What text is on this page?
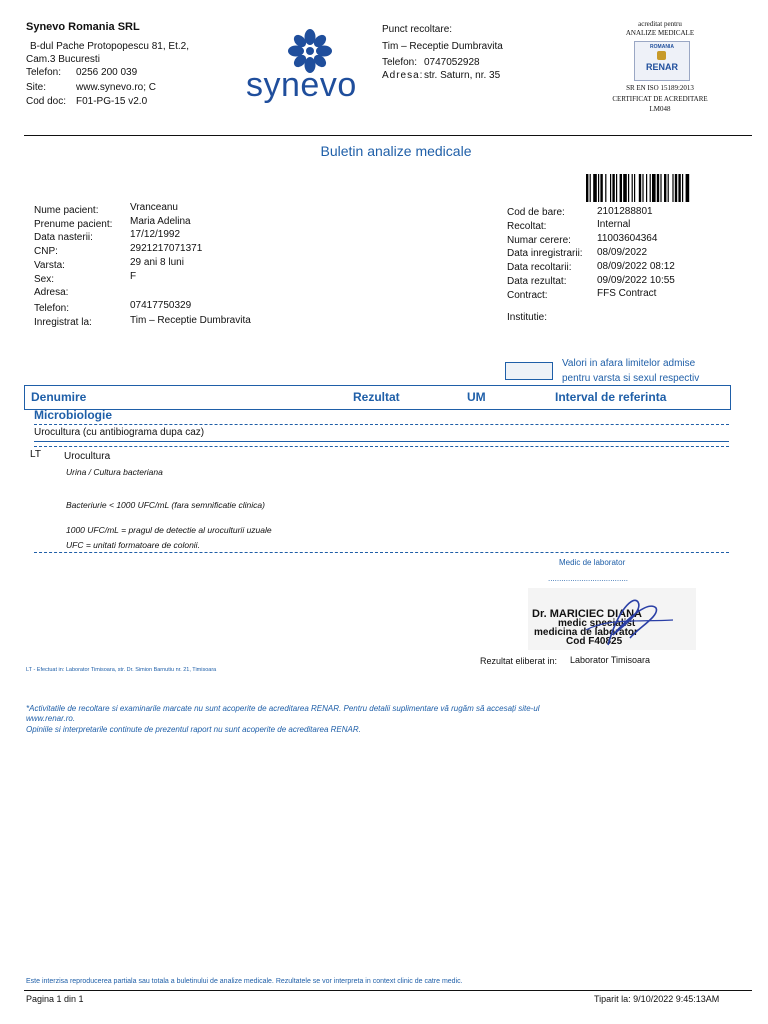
Synevo Romania SRL
B-dul Pache Protopopescu 81, Et.2,
Cam.3 Bucuresti
Telefon: 0256 200 039
Site:	www.synevo.ro; C
Cod doc: F01-PG-15 v2.0	synevo
Punct recoltare:
Tim – Receptie Dumbravita
Telefon: 0747052928
Adresa: str. Saturn, nr. 35
acreditat pentru
ANALIZE MEDICALE
ROMANIA
RENAR
SR EN ISO 15189:2013
CERTIFICAT DE ACREDITARE
LM048
Buletin analize medicale
Nume pacient:	Vranceanu
Prenume pacient: Maria Adelina
Data nasterii:	17/12/1992
CNP:	2921217071371
Varsta:	29 ani 8 luni
Sex:	F
Adresa:
Telefon:	07417750329
Inregistrat la:	Tim – Receptie Dumbravita
Cod de bare:	2101288801
Recoltat:	Internal
Numar cerere:	11003604364
Data inregistrarii: 08/09/2022
Data recoltarii:	08/09/2022 08:12
Data rezultat:	09/09/2022 10:55
Contract:	FFS Contract
Institutie:
Valori in afara limitelor admise
pentru varsta si sexul respectiv
Denumire	Rezultat	UM	Interval de referinta
Microbiologie
Urocultura (cu antibiograma dupa caz)
LT Urocultura
Urina / Cultura bacteriana
Bacteriurie < 1000 UFC/mL (fara semnificatie clinica)
1000 UFC/mL = pragul de detectie al uroculturii uzuale
UFC = unitati formatoare de colonii.
Medic de laborator
....................................
Dr. MARICIEC DIANA
medic specialist
medicina de laborator
Cod F40825
Rezultat eliberat in: Laborator Timisoara
LT - Efectuat in: Laborator Timisoara, str. Dr. Simion Barnutiu nr. 21, Timisoara
*Activitatile de recoltare si examinarile marcate nu sunt acoperite de acreditarea RENAR. Pentru detalii suplimentare vă rugăm să accesați site-ul
www.renar.ro.
Opiniile si interpretarile continute de prezentul raport nu sunt acoperite de acreditarea RENAR.
Este interzisa reproducerea partiala sau totala a buletinului de analize medicale. Rezultatele se vor interpreta in context clinic de catre medic.
Pagina 1 din 1	Tiparit la: 9/10/2022 9:45:13AM
